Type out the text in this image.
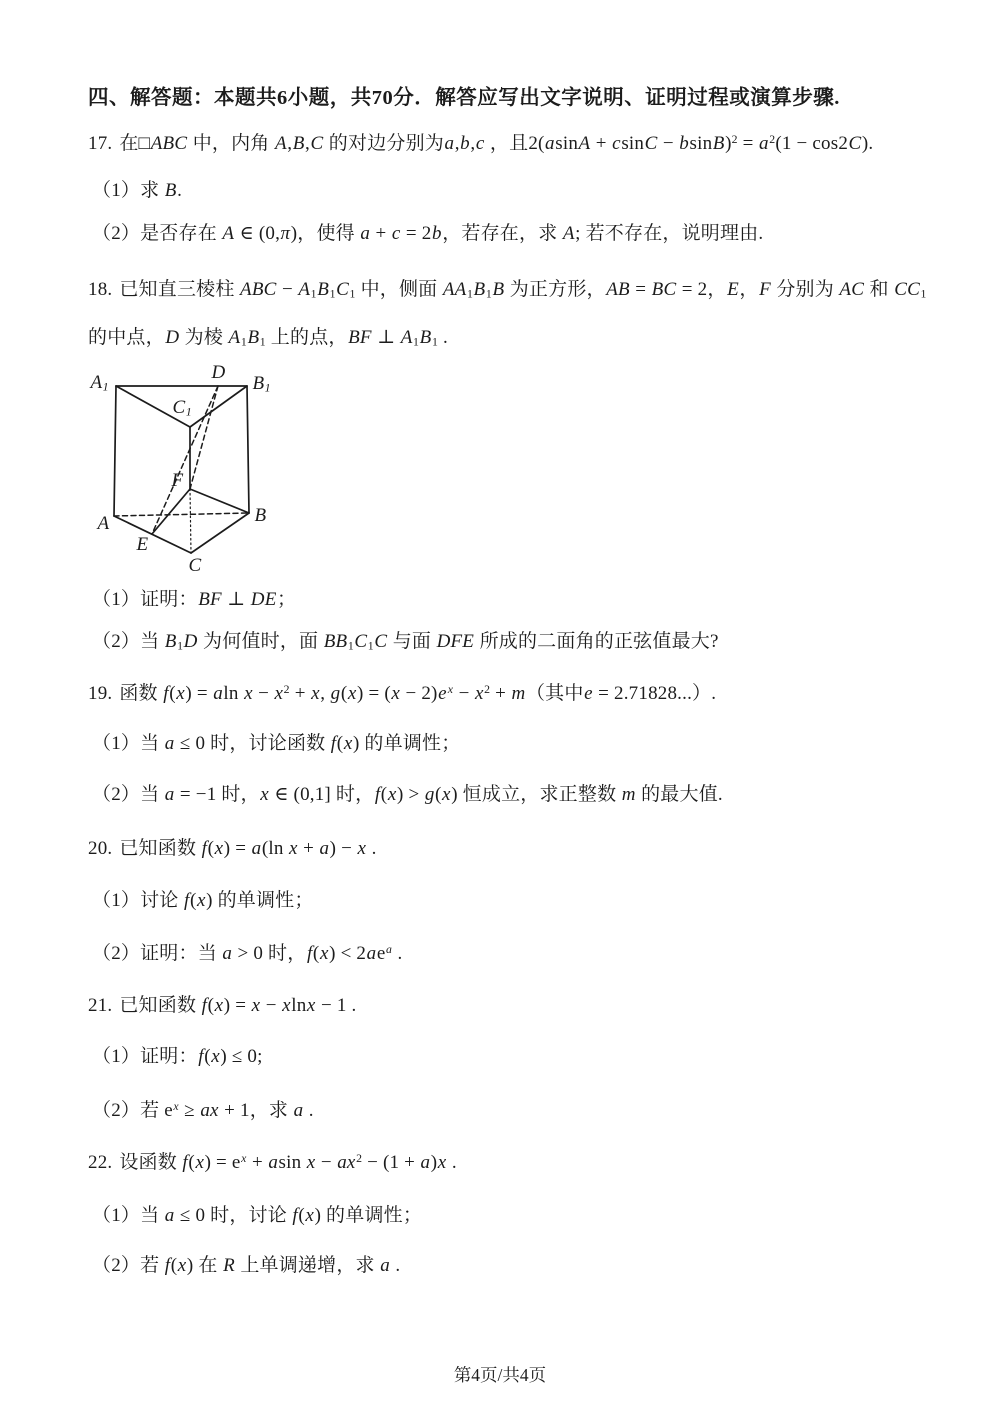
四、解答题：本题共6小题，共70分．解答应写出文字说明、证明过程或演算步骤.
17. 在□ABC 中，内角 A,B,C 的对边分别为a,b,c ，且$2(asinA + csinC - bsinB)^2 = a^2(1 - \cos 2C)$.
（1）求 B.
（2）是否存在 A ∈ (0,π)，使得 a + c = 2b，若存在，求 A; 若不存在，说明理由.
18. 已知直三棱柱 ABC − $A_1B_1C_1$ 中，侧面 $AA_1B_1B$ 为正方形，AB = BC = 2，E，F 分别为 AC 和 $CC_1$
的中点，D 为棱 $A_1B_1$ 上的点，BF ⊥ $A_1B_1$ .
$A_1$
D
$B_1$
$C_1$
F
A	B
E
C
（1）证明：BF ⊥ DE；
（2）当 $B_1D$ 为何值时，面 $BB_1C_1C$ 与面 DFE 所成的二面角的正弦值最大?
19. 函数 f(x) = aln $x - x^2 + x$, $g(x) = (x - 2)e^x - x^2 + m$（其中e = 2.71828...）.
（1）当 a ≤ 0 时，讨论函数 f(x) 的单调性；
（2）当 a = −1 时，x ∈ (0,1] 时，f(x) > g(x) 恒成立，求正整数 m 的最大值.
20. 已知函数 f(x) = a(ln x + a) − x .
（1）讨论 f(x) 的单调性；
（2）证明：当 a > 0 时，$f(x) < 2ae^a$ .
21. 已知函数 f(x) = x − xlnx − 1 .
（1）证明：f(x) ≤ 0;
（2）若 $e^x$ ≥ ax + 1，求 a .
22. 设函数 $f(x) = e^x + asin$ $x - ax^2 - (1 + a)x$ .
（1）当 a ≤ 0 时，讨论 f(x) 的单调性；
（2）若 f(x) 在 R 上单调递增，求 a .
第4页/共4页
